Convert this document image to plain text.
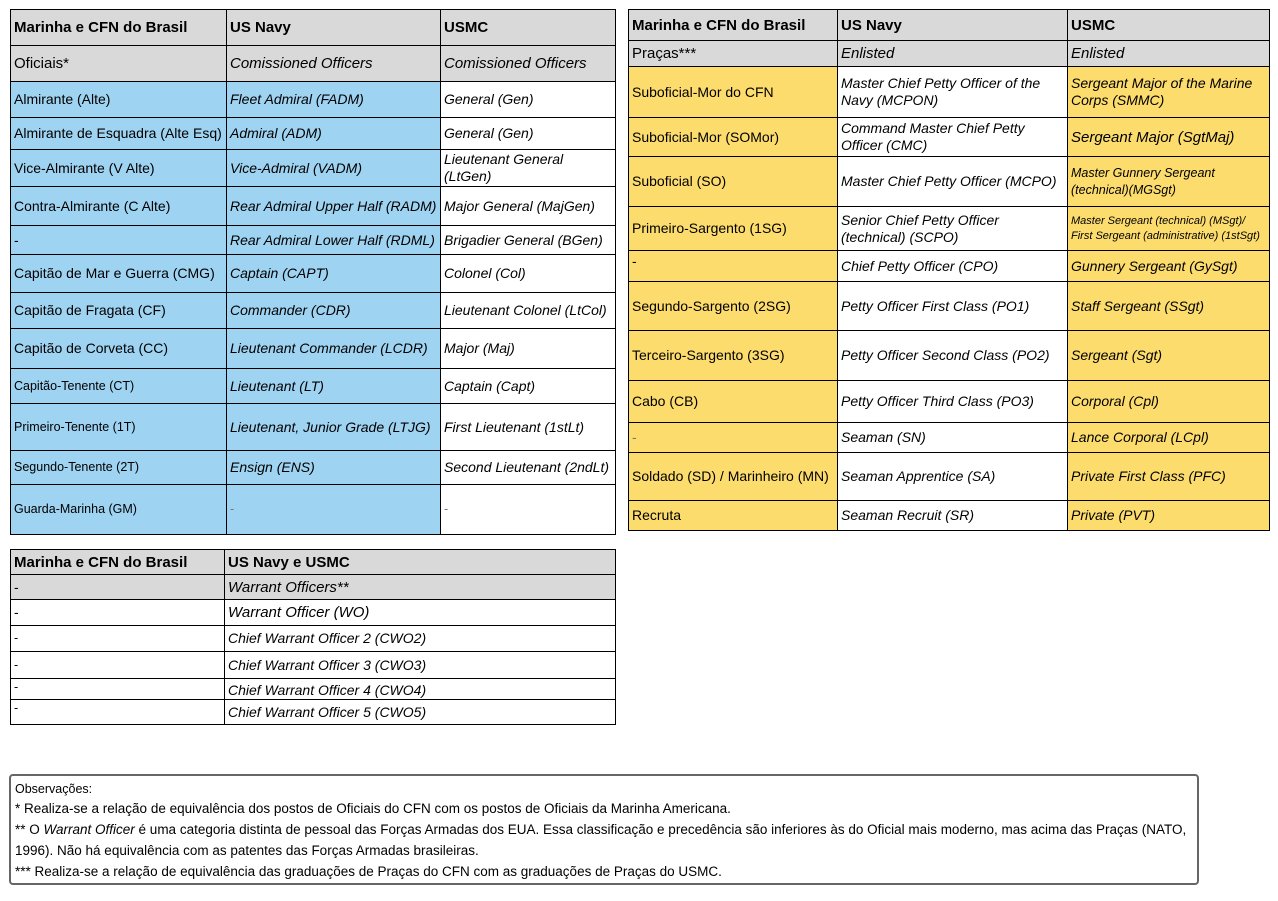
Marinha e CFN do Brasil	US Navy	USMC
Oficiais*	Comissioned Officers	Comissioned Officers
Almirante (Alte)	Fleet Admiral (FADM)	General (Gen)
Almirante de Esquadra (Alte Esq)	Admiral (ADM)	General (Gen)
Vice-Almirante (V Alte)	Vice-Admiral (VADM)	Lieutenant General (LtGen)
Contra-Almirante (C Alte)	Rear Admiral Upper Half (RADM)	Major General (MajGen)
-	Rear Admiral Lower Half (RDML)	Brigadier General (BGen)
Capitão de Mar e Guerra (CMG)	Captain (CAPT)	Colonel (Col)
Capitão de Fragata (CF)	Commander (CDR)	Lieutenant Colonel (LtCol)
Capitão de Corveta (CC)	Lieutenant Commander (LCDR)	Major (Maj)
Capitão-Tenente (CT)	Lieutenant (LT)	Captain (Capt)
Primeiro-Tenente (1T)	Lieutenant, Junior Grade (LTJG)	First Lieutenant (1stLt)
Segundo-Tenente (2T)	Ensign (ENS)	Second Lieutenant (2ndLt)
Guarda-Marinha (GM)	-	-
Marinha e CFN do Brasil	US Navy	USMC
Praças***	Enlisted	Enlisted
Suboficial-Mor do CFN	Master Chief Petty Officer of the Navy (MCPON)	Sergeant Major of the Marine Corps (SMMC)
Suboficial-Mor (SOMor)	Command Master Chief Petty Officer (CMC)	Sergeant Major (SgtMaj)
Suboficial (SO)	Master Chief Petty Officer (MCPO)	Master Gunnery Sergeant (technical)(MGSgt)
Primeiro-Sargento (1SG)	Senior Chief Petty Officer (technical) (SCPO)	Master Sergeant (technical) (MSgt)/ First Sergeant (administrative) (1stSgt)
-	Chief Petty Officer (CPO)	Gunnery Sergeant (GySgt)
Segundo-Sargento (2SG)	Petty Officer First Class (PO1)	Staff Sergeant (SSgt)
Terceiro-Sargento (3SG)	Petty Officer Second Class (PO2)	Sergeant (Sgt)
Cabo (CB)	Petty Officer Third Class (PO3)	Corporal (Cpl)
-	Seaman (SN)	Lance Corporal (LCpl)
Soldado (SD) / Marinheiro (MN)	Seaman Apprentice (SA)	Private First Class (PFC)
Recruta	Seaman Recruit (SR)	Private (PVT)
Marinha e CFN do Brasil	US Navy e USMC
-	Warrant Officers**
-	Warrant Officer (WO)
-	Chief Warrant Officer 2 (CWO2)
-	Chief Warrant Officer 3 (CWO3)
-	Chief Warrant Officer 4 (CWO4)
-	Chief Warrant Officer 5 (CWO5)
Observações:
* Realiza-se a relação de equivalência dos postos de Oficiais do CFN com os postos de Oficiais da Marinha Americana.
** O Warrant Officer é uma categoria distinta de pessoal das Forças Armadas dos EUA. Essa classificação e precedência são inferiores às do Oficial mais moderno, mas acima das Praças (NATO, 1996). Não há equivalência com as patentes das Forças Armadas brasileiras.
*** Realiza-se a relação de equivalência das graduações de Praças do CFN com as graduações de Praças do USMC.
